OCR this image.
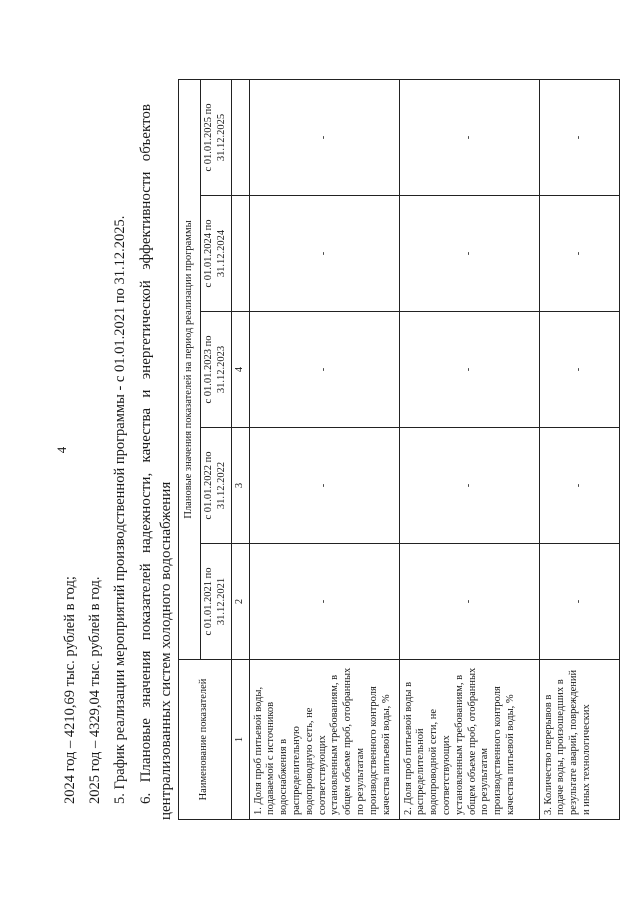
4
2024 год – 4210,69 тыс. рублей в год; 2025 год – 4329,04 тыс. рублей в год. 5. График реализации мероприятий производственной программы - с 01.01.2021 по 31.12.2025. 6. Плановые значения показателей надежности, качества и энергетической эффективности объектов централизованных систем холодного водоснабжения Наименование показателей	Плановые значения показателей на период реализации программы				
	с 01.01.2021 по 31.12.2021	с 01.01.2022 по 31.12.2022	с 01.01.2023 по 31.12.2023	с 01.01.2024 по 31.12.2024	с 01.01.2025 по 31.12.2025
1	2	3	4		
1. Доля проб питьевой воды, подаваемой с источников водоснабжения в распределительную водопроводную сеть, не соответствующих установленным требованиям, в общем объеме проб, отобранных по результатам производственного контроля качества питьевой воды, %	-	-	-	-	-
2. Доля проб питьевой воды в распределительной водопроводной сети, не соответствующих установленным требованиям, в общем объеме проб, отобранных по результатам производственного контроля качества питьевой воды, %	-	-	-	-	-
3. Количество перерывов в подаче воды, произошедших в результате аварий, повреждений и иных технологических	-	-	-	-	-
